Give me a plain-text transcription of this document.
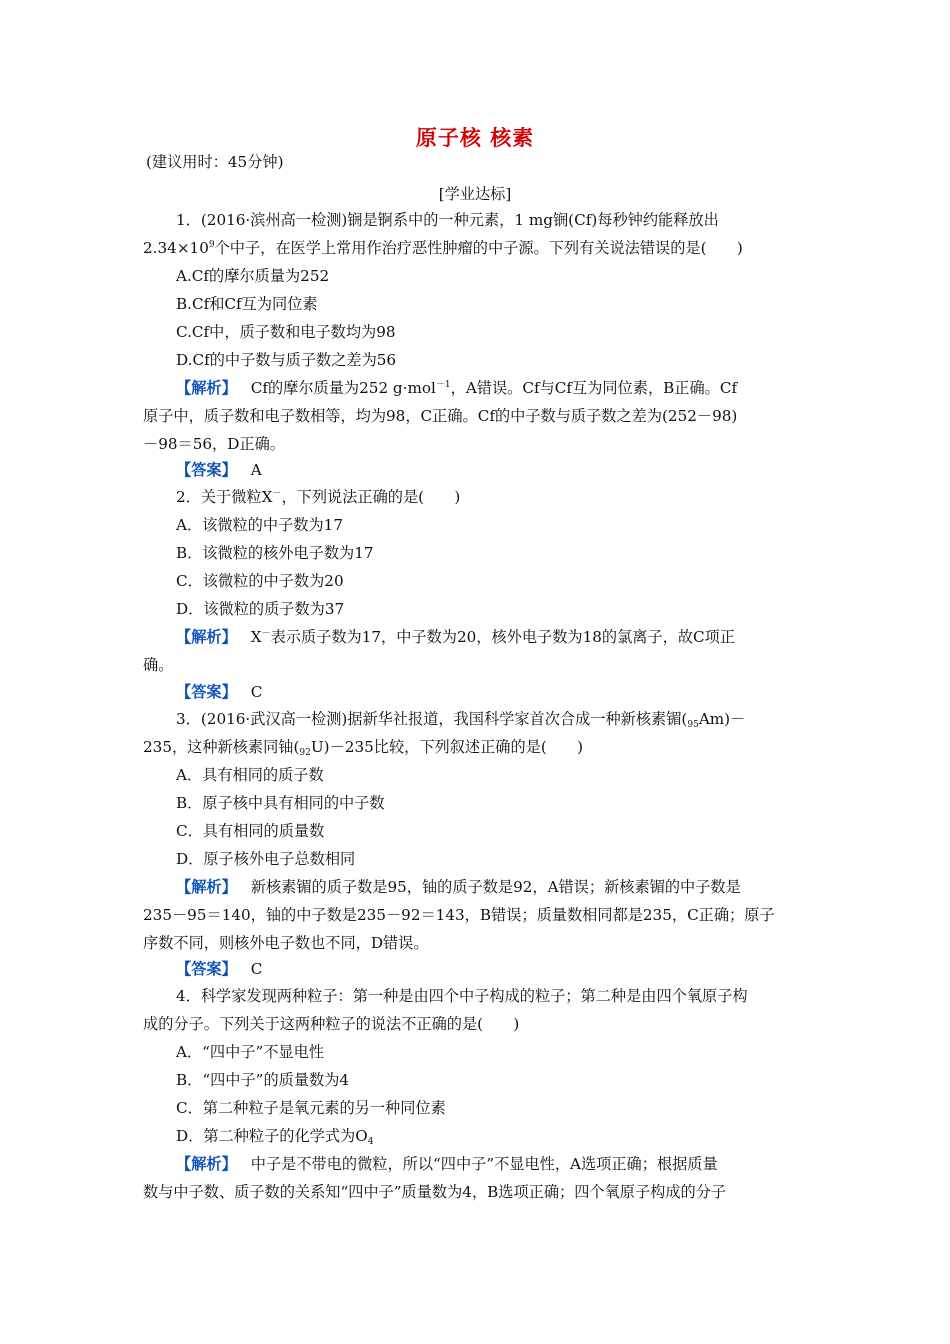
原子核 核素
(建议用时：45分钟)
[学业达标]
1．(2016·滨州高一检测)锎是锕系中的一种元素，1 mg锎(Cf)每秒钟约能释放出
$2.34\times 10^9$个中子，在医学上常用作治疗恶性肿瘤的中子源。下列有关说法错误的是(　　)
A.Cf的摩尔质量为252
B.Cf和Cf互为同位素
C.Cf中，质子数和电子数均为98
D.Cf的中子数与质子数之差为56
【解析】 Cf的摩尔质量为252 g·mol$^{-1}$，A错误。Cf与Cf互为同位素，B正确。Cf
原子中，质子数和电子数相等，均为98，C正确。Cf的中子数与质子数之差为(252－98)
－98＝56，D正确。
【答案】 A
2．关于微粒X－，下列说法正确的是(　　)
A．该微粒的中子数为17
B．该微粒的核外电子数为17
C．该微粒的中子数为20
D．该微粒的质子数为37
【解析】 X－表示质子数为17，中子数为20，核外电子数为18的氯离子，故C项正
确。
【答案】 C
3．(2016·武汉高一检测)据新华社报道，我国科学家首次合成一种新核素镅$(_{95}Am)-$
235，这种新核素同铀$(_{92}U)-235$比较，下列叙述正确的是(　　)
A．具有相同的质子数
B．原子核中具有相同的中子数
C．具有相同的质量数
D．原子核外电子总数相同
【解析】 新核素镅的质子数是95，铀的质子数是92，A错误；新核素镅的中子数是
235－95＝140，铀的中子数是235－92＝143，B错误；质量数相同都是235，C正确；原子
序数不同，则核外电子数也不同，D错误。
【答案】 C
4．科学家发现两种粒子：第一种是由四个中子构成的粒子；第二种是由四个氧原子构
成的分子。下列关于这两种粒子的说法不正确的是(　　)
A．“四中子”不显电性
B．“四中子”的质量数为4
C．第二种粒子是氧元素的另一种同位素
D．第二种粒子的化学式为$O_4$
【解析】 中子是不带电的微粒，所以“四中子”不显电性，A选项正确；根据质量
数与中子数、质子数的关系知“四中子”质量数为4，B选项正确；四个氧原子构成的分子
